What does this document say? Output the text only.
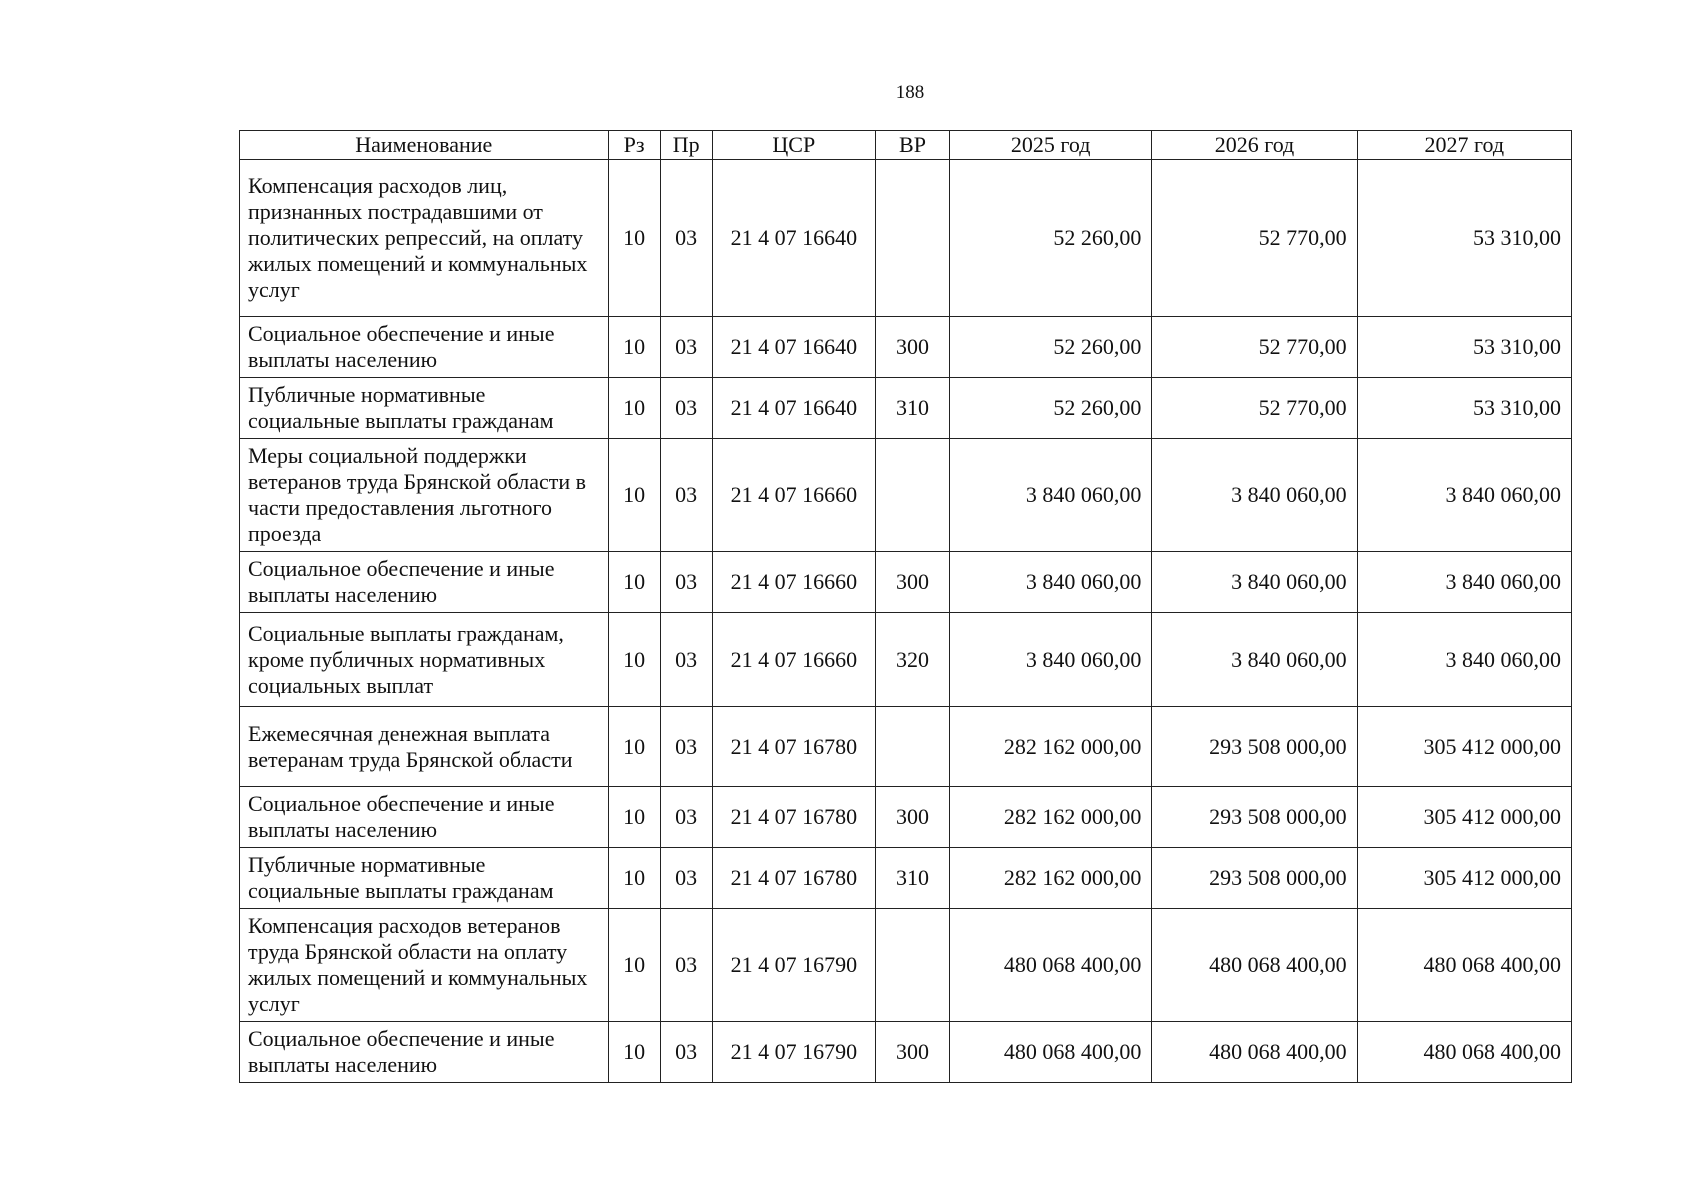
188
Наименование	Рз	Пр	ЦСР	ВР	2025 год	2026 год	2027 год
Компенсация расходов лиц, признанных пострадавшими от политических репрессий, на оплату жилых помещений и коммунальных услуг	10	03	21 4 07 16640		52 260,00	52 770,00	53 310,00
Социальное обеспечение и иные выплаты населению	10	03	21 4 07 16640	300	52 260,00	52 770,00	53 310,00
Публичные нормативные социальные выплаты гражданам	10	03	21 4 07 16640	310	52 260,00	52 770,00	53 310,00
Меры социальной поддержки ветеранов труда Брянской области в части предоставления льготного проезда	10	03	21 4 07 16660		3 840 060,00	3 840 060,00	3 840 060,00
Социальное обеспечение и иные выплаты населению	10	03	21 4 07 16660	300	3 840 060,00	3 840 060,00	3 840 060,00
Социальные выплаты гражданам, кроме публичных нормативных социальных выплат	10	03	21 4 07 16660	320	3 840 060,00	3 840 060,00	3 840 060,00
Ежемесячная денежная выплата ветеранам труда Брянской области	10	03	21 4 07 16780		282 162 000,00	293 508 000,00	305 412 000,00
Социальное обеспечение и иные выплаты населению	10	03	21 4 07 16780	300	282 162 000,00	293 508 000,00	305 412 000,00
Публичные нормативные социальные выплаты гражданам	10	03	21 4 07 16780	310	282 162 000,00	293 508 000,00	305 412 000,00
Компенсация расходов ветеранов труда Брянской области на оплату жилых помещений и коммунальных услуг	10	03	21 4 07 16790		480 068 400,00	480 068 400,00	480 068 400,00
Социальное обеспечение и иные выплаты населению	10	03	21 4 07 16790	300	480 068 400,00	480 068 400,00	480 068 400,00
